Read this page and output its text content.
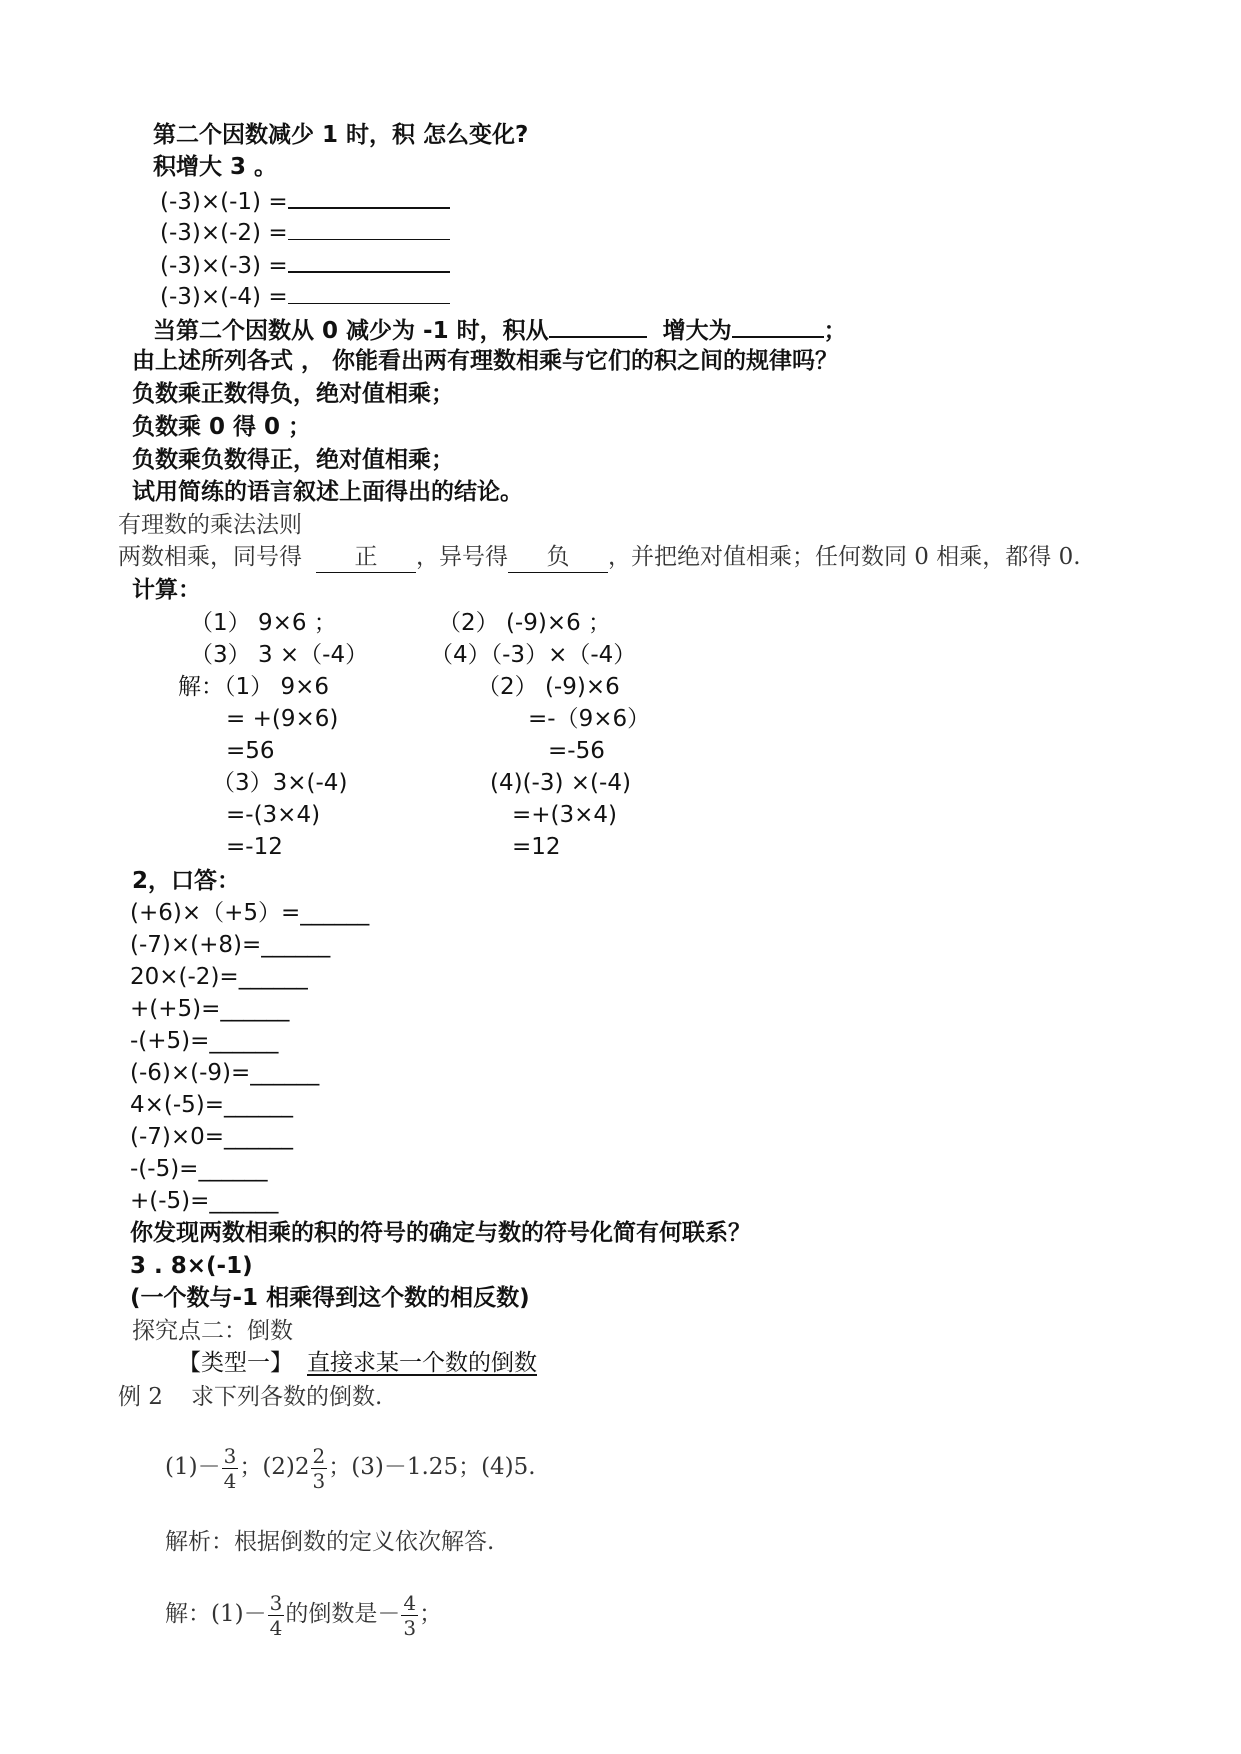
第二个因数减少 1 时，积 怎么变化?
积增大 3 。
(-3)×(-1) =
(-3)×(-2) =
(-3)×(-3) =
(-3)×(-4) =
当第二个因数从 0 减少为 -1 时，积从	增大为	；
由上述所列各式 ， 你能看出两有理数相乘与它们的积之间的规律吗？
负数乘正数得负，绝对值相乘；
负数乘 0 得 0 ；
负数乘负数得正，绝对值相乘；
试用简练的语言叙述上面得出的结论。
有理数的乘法法则
两数相乘，同号得 正 ，异号得 负 ，并把绝对值相乘；任何数同 0 相乘，都得 0.
计算：
（1） 9×6 ；	（2） (-9)×6 ；
（3） 3 ×（-4）	（4）（-3）×（-4）
解：（1） 9×6
= +(9×6)
=56
（2） (-9)×6
=-（9×6）
=-56
（3）3×(-4)
=-(3×4)
=-12
(4)(-3) ×(-4)
=+(3×4)
=12
2，口答：
(+6)×（+5）=______
(-7)×(+8)=______
20×(-2)=______
+(+5)=______
-(+5)=______
(-6)×(-9)=______
4×(-5)=______
(-7)×0=______
-(-5)=______
+(-5)=______
你发现两数相乘的积的符号的确定与数的符号化简有何联系？
3 . 8×(-1)
(一个数与-1 相乘得到这个数的相反数)
探究点二：倒数
【类型一】 直接求某一个数的倒数
例 2 求下列各数的倒数.
$(1)- \frac{3}{4}$ ；$(2)2 \frac{2}{3}$ ；(3)－1.25；(4)5.
解析：根据倒数的定义依次解答.
解：$(1)- \frac{3}{4}$ 的倒数是－ $\frac{4}{3}$ ；
